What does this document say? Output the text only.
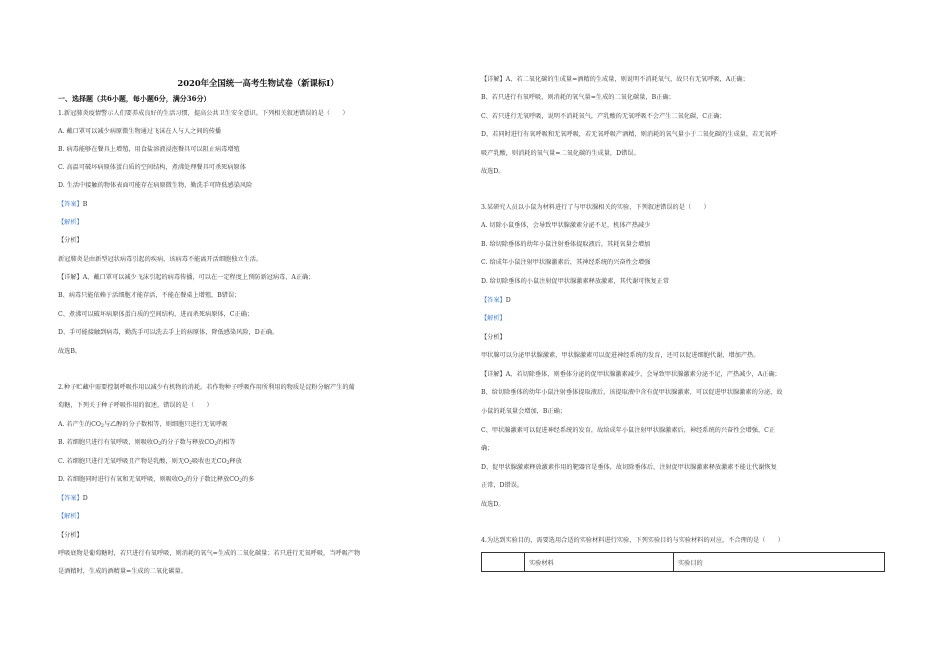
2020年全国统一高考生物试卷（新课标I）
一、选择题（共6小题，每小题6分，满分36分）
1.新冠肺炎疫情警示人们要养成良好的生活习惯，提高公共卫生安全意识。下列相关叙述错误的是（　　）
A. 戴口罩可以减少病原微生物通过飞沫在人与人之间的传播
B. 病毒能够在餐具上增殖，用食盐溶液浸泡餐具可以阻止病毒增殖
C. 高温可破坏病原体蛋白质的空间结构，煮沸处理餐具可杀死病原体
D. 生活中接触的物体表面可能存在病原微生物，勤洗手可降低感染风险
【答案】B
【解析】
【分析】
新冠肺炎是由新型冠状病毒引起的疾病，该病毒不能离开活细胞独立生活。
【详解】A、戴口罩可以减少飞沫引起的病毒传播，可以在一定程度上预防新冠病毒，A正确；
B、病毒只能依赖于活细胞才能存活，不能在餐桌上增殖，B错误；
C、煮沸可以破坏病原体蛋白质的空间结构，进而杀死病原体，C正确；
D、手可能接触到病毒，勤洗手可以洗去手上的病原体，降低感染风险，D正确。
故选B。
2.种子贮藏中需要控制呼吸作用以减少有机物的消耗。若作物种子呼吸作用所利用的物质是淀粉分解产生的葡
萄糖，下列关于种子呼吸作用的叙述，错误的是（　　）
A. 若产生的$CO_2$与乙醇的分子数相等，则细胞只进行无氧呼吸
B. 若细胞只进行有氧呼吸，则吸收$O_2$的分子数与释放$CO_2$的相等
C. 若细胞只进行无氧呼吸且产物是乳酸，则无$O_2$吸收也无$CO_2$释放
D. 若细胞同时进行有氧和无氧呼吸，则吸收$O_2$的分子数比释放$CO_2$的多
【答案】D
【解析】
【分析】
呼吸底物是葡萄糖时，若只进行有氧呼吸，则消耗的氧气=生成的二氧化碳量；若只进行无氧呼吸，当呼吸产物
是酒精时，生成的酒精量=生成的二氧化碳量。
【详解】A、若二氧化碳的生成量=酒精的生成量，则说明不消耗氧气，故只有无氧呼吸，A正确；
B、若只进行有氧呼吸，则消耗的氧气量=生成的二氧化碳量，B正确；
C、若只进行无氧呼吸，说明不消耗氧气，产乳酸的无氧呼吸不会产生二氧化碳，C正确；
D、若同时进行有氧呼吸和无氧呼吸，若无氧呼吸产酒精，则消耗的氧气量小于二氧化碳的生成量，若无氧呼
吸产乳酸，则消耗的氧气量=二氧化碳的生成量，D错误。
故选D。
3.某研究人员以小鼠为材料进行了与甲状腺相关的实验，下列叙述错误的是（　　）
A. 切除小鼠垂体，会导致甲状腺激素分泌不足，机体产热减少
B. 给切除垂体的幼年小鼠注射垂体提取液后，其耗氧量会增加
C. 给成年小鼠注射甲状腺激素后，其神经系统的兴奋性会增强
D. 给切除垂体的小鼠注射促甲状腺激素释放激素，其代谢可恢复正常
【答案】D
【解析】
【分析】
甲状腺可以分泌甲状腺激素，甲状腺激素可以促进神经系统的发育，还可以促进细胞代谢，增加产热。
【详解】A、若切除垂体，则垂体分泌的促甲状腺激素减少，会导致甲状腺激素分泌不足，产热减少，A正确；
B、给切除垂体的幼年小鼠注射垂体提取液后，该提取液中含有促甲状腺激素，可以促进甲状腺激素的分泌，故
小鼠的耗氧量会增加，B正确；
C、甲状腺激素可以促进神经系统的发育，故给成年小鼠注射甲状腺激素后，神经系统的兴奋性会增强，C正
确；
D、促甲状腺激素释放激素作用的靶器官是垂体，故切除垂体后，注射促甲状腺激素释放激素不能让代谢恢复
正常，D错误。
故选D。
4.为达到实验目的，需要选用合适的实验材料进行实验，下列实验目的与实验材料的对应，不合理的是（　　）
	实验材料	实验目的
